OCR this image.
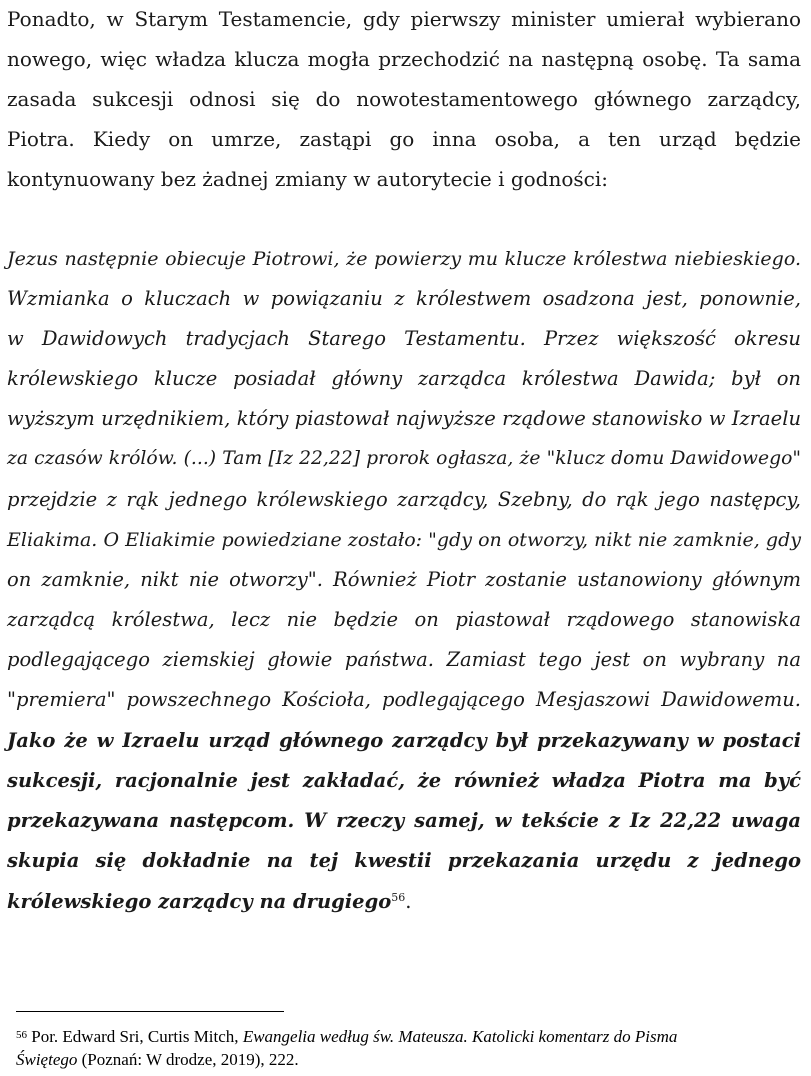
Ponadto, w Starym Testamencie, gdy pierwszy minister umierał wybierano
nowego, więc władza klucza mogła przechodzić na następną osobę. Ta sama
zasada sukcesji odnosi się do nowotestamentowego głównego zarządcy,
Piotra. Kiedy on umrze, zastąpi go inna osoba, a ten urząd będzie
kontynuowany bez żadnej zmiany w autorytecie i godności:
Jezus następnie obiecuje Piotrowi, że powierzy mu klucze królestwa niebieskiego.
Wzmianka o kluczach w powiązaniu z królestwem osadzona jest, ponownie,
w Dawidowych tradycjach Starego Testamentu. Przez większość okresu
królewskiego klucze posiadał główny zarządca królestwa Dawida; był on
wyższym urzędnikiem, który piastował najwyższe rządowe stanowisko w Izraelu
za czasów królów. (...) Tam [Iz 22,22] prorok ogłasza, że "klucz domu Dawidowego"
przejdzie z rąk jednego królewskiego zarządcy, Szebny, do rąk jego następcy,
Eliakima. O Eliakimie powiedziane zostało: "gdy on otworzy, nikt nie zamknie, gdy
on zamknie, nikt nie otworzy". Również Piotr zostanie ustanowiony głównym
zarządcą królestwa, lecz nie będzie on piastował rządowego stanowiska
podlegającego ziemskiej głowie państwa. Zamiast tego jest on wybrany na
"premiera" powszechnego Kościoła, podlegającego Mesjaszowi Dawidowemu.
Jako że w Izraelu urząd głównego zarządcy był przekazywany w postaci
sukcesji, racjonalnie jest zakładać, że również władza Piotra ma być
przekazywana następcom. W rzeczy samej, w tekście z Iz 22,22 uwaga
skupia się dokładnie na tej kwestii przekazania urzędu z jednego
królewskiego zarządcy na drugiego$^{56}$.
$^{56}$ Por. Edward Sri, Curtis Mitch, Ewangelia według św. Mateusza. Katolicki komentarz do Pisma
Świętego (Poznań: W drodze, 2019), 222.
